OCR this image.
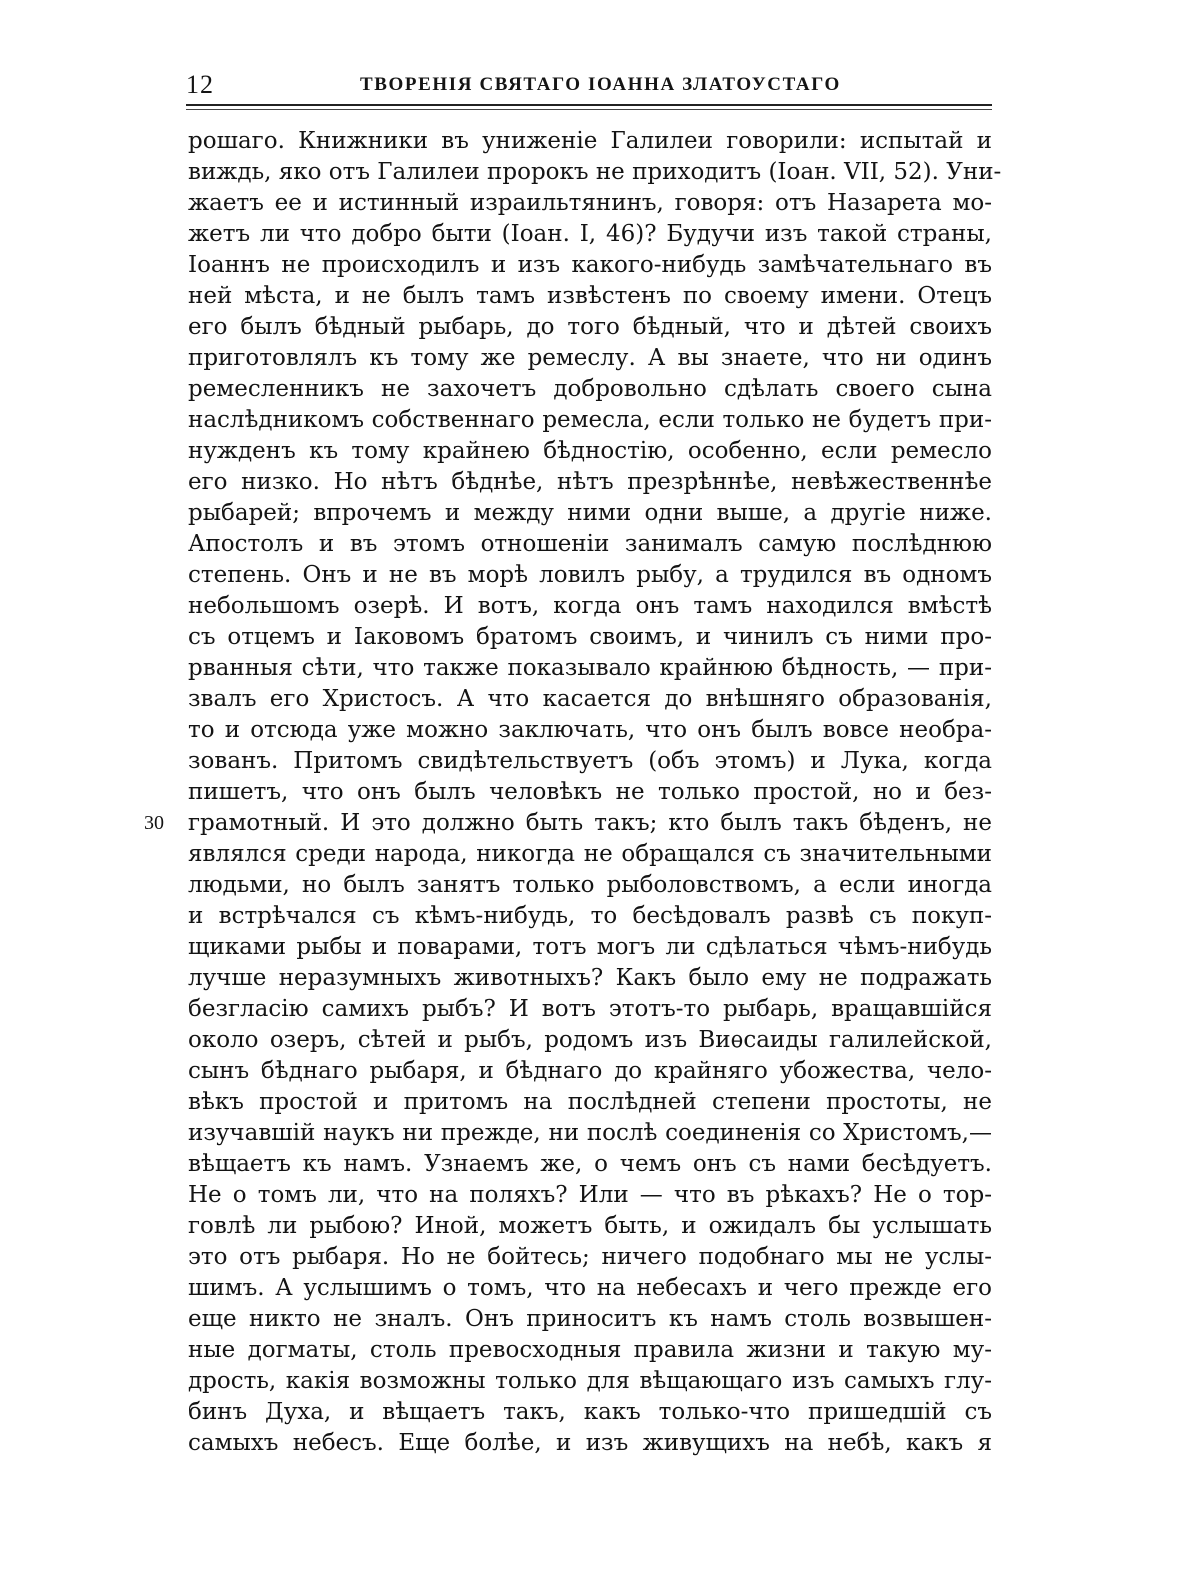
12	ТВОРЕНІЯ СВЯТАГО ІОАННА ЗЛАТОУСТАГО
рошаго. Книжники въ униженіе Галилеи говорили: испытай и
виждь, яко отъ Галилеи пророкъ не приходитъ (Іоан. VII, 52). Уни-
жаетъ ее и истинный израильтянинъ, говоря: отъ Назарета мо-
жетъ ли что добро быти (Іоан. I, 46)? Будучи изъ такой страны,
Іоаннъ не происходилъ и изъ какого-нибудь замѣчательнаго въ
ней мѣста, и не былъ тамъ извѣстенъ по своему имени. Отецъ
его былъ бѣдный рыбарь, до того бѣдный, что и дѣтей своихъ
приготовлялъ къ тому же ремеслу. А вы знаете, что ни одинъ
ремесленникъ не захочетъ добровольно сдѣлать своего сына
наслѣдникомъ собственнаго ремесла, если только не будетъ при-
нужденъ къ тому крайнею бѣдностію, особенно, если ремесло
его низко. Но нѣтъ бѣднѣе, нѣтъ презрѣннѣе, невѣжественнѣе
рыбарей; впрочемъ и между ними одни выше, а другіе ниже.
Апостолъ и въ этомъ отношеніи занималъ самую послѣднюю
степень. Онъ и не въ морѣ ловилъ рыбу, а трудился въ одномъ
небольшомъ озерѣ. И вотъ, когда онъ тамъ находился вмѣстѣ
съ отцемъ и Іаковомъ братомъ своимъ, и чинилъ съ ними про-
рванныя сѣти, что также показывало крайнюю бѣдность, — при-
звалъ его Христосъ. А что касается до внѣшняго образованія,
то и отсюда уже можно заключать, что онъ былъ вовсе необра-
зованъ. Притомъ свидѣтельствуетъ (объ этомъ) и Лука, когда
пишетъ, что онъ былъ человѣкъ не только простой, но и без-
30 грамотный. И это должно быть такъ; кто былъ такъ бѣденъ, не
являлся среди народа, никогда не обращался съ значительными
людьми, но былъ занятъ только рыболовствомъ, а если иногда
и встрѣчался съ кѣмъ-нибудь, то бесѣдовалъ развѣ съ покуп-
щиками рыбы и поварами, тотъ могъ ли сдѣлаться чѣмъ-нибудь
лучше неразумныхъ животныхъ? Какъ было ему не подражать
безгласію самихъ рыбъ? И вотъ этотъ-то рыбарь, вращавшійся
около озеръ, сѣтей и рыбъ, родомъ изъ Виѳсаиды галилейской,
сынъ бѣднаго рыбаря, и бѣднаго до крайняго убожества, чело-
вѣкъ простой и притомъ на послѣдней степени простоты, не
изучавшій наукъ ни прежде, ни послѣ соединенія со Христомъ,—
вѣщаетъ къ намъ. Узнаемъ же, о чемъ онъ съ нами бесѣдуетъ.
Не о томъ ли, что на поляхъ? Или — что въ рѣкахъ? Не о тор-
говлѣ ли рыбою? Иной, можетъ быть, и ожидалъ бы услышать
это отъ рыбаря. Но не бойтесь; ничего подобнаго мы не услы-
шимъ. А услышимъ о томъ, что на небесахъ и чего прежде его
еще никто не зналъ. Онъ приноситъ къ намъ столь возвышен-
ные догматы, столь превосходныя правила жизни и такую му-
дрость, какія возможны только для вѣщающаго изъ самыхъ глу-
бинъ Духа, и вѣщаетъ такъ, какъ только-что пришедшій съ
самыхъ небесъ. Еще болѣе, и изъ живущихъ на небѣ, какъ я
